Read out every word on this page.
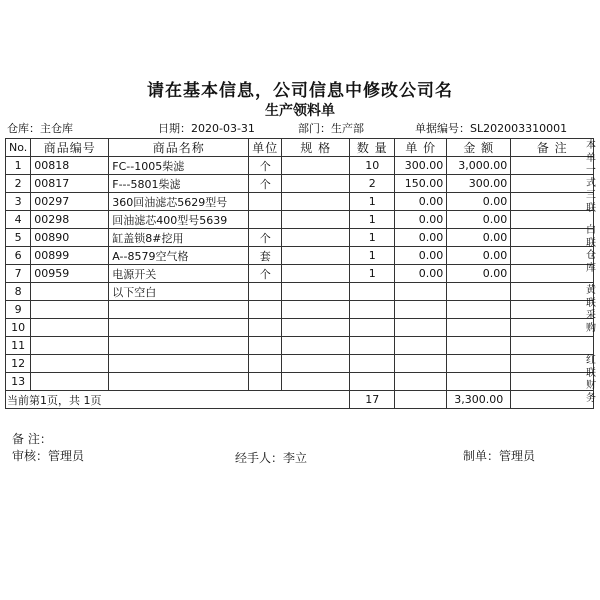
请在基本信息，公司信息中修改公司名
生产领料单
仓库：主仓库	日期：2020-03-31	部门：生产部	单据编号：SL202003310001
No.	商品编号	商品名称	单位	规 格	数 量	单 价	金 额	备 注
1	00818	FC--1005柴滤	个		10	300.00	3,000.00	
2	00817	F---5801柴滤	个		2	150.00	300.00	
3	00297	360回油滤芯5629型号			1	0.00	0.00	
4	00298	回油滤芯400型号5639			1	0.00	0.00	
5	00890	缸盖锁8#挖用	个		1	0.00	0.00	
6	00899	A--8579空气格	套		1	0.00	0.00	
7	00959	电源开关	个		1	0.00	0.00	
8		以下空白						
9								
10								
11								
12								
13								
当前第1页，共 1页					17		3,300.00	
本
单
一
式
三
联
白
联
仓
库
黄
联
采
购
红
联
财
务
备 注：
审核：管理员	经手人：李立	制单：管理员
